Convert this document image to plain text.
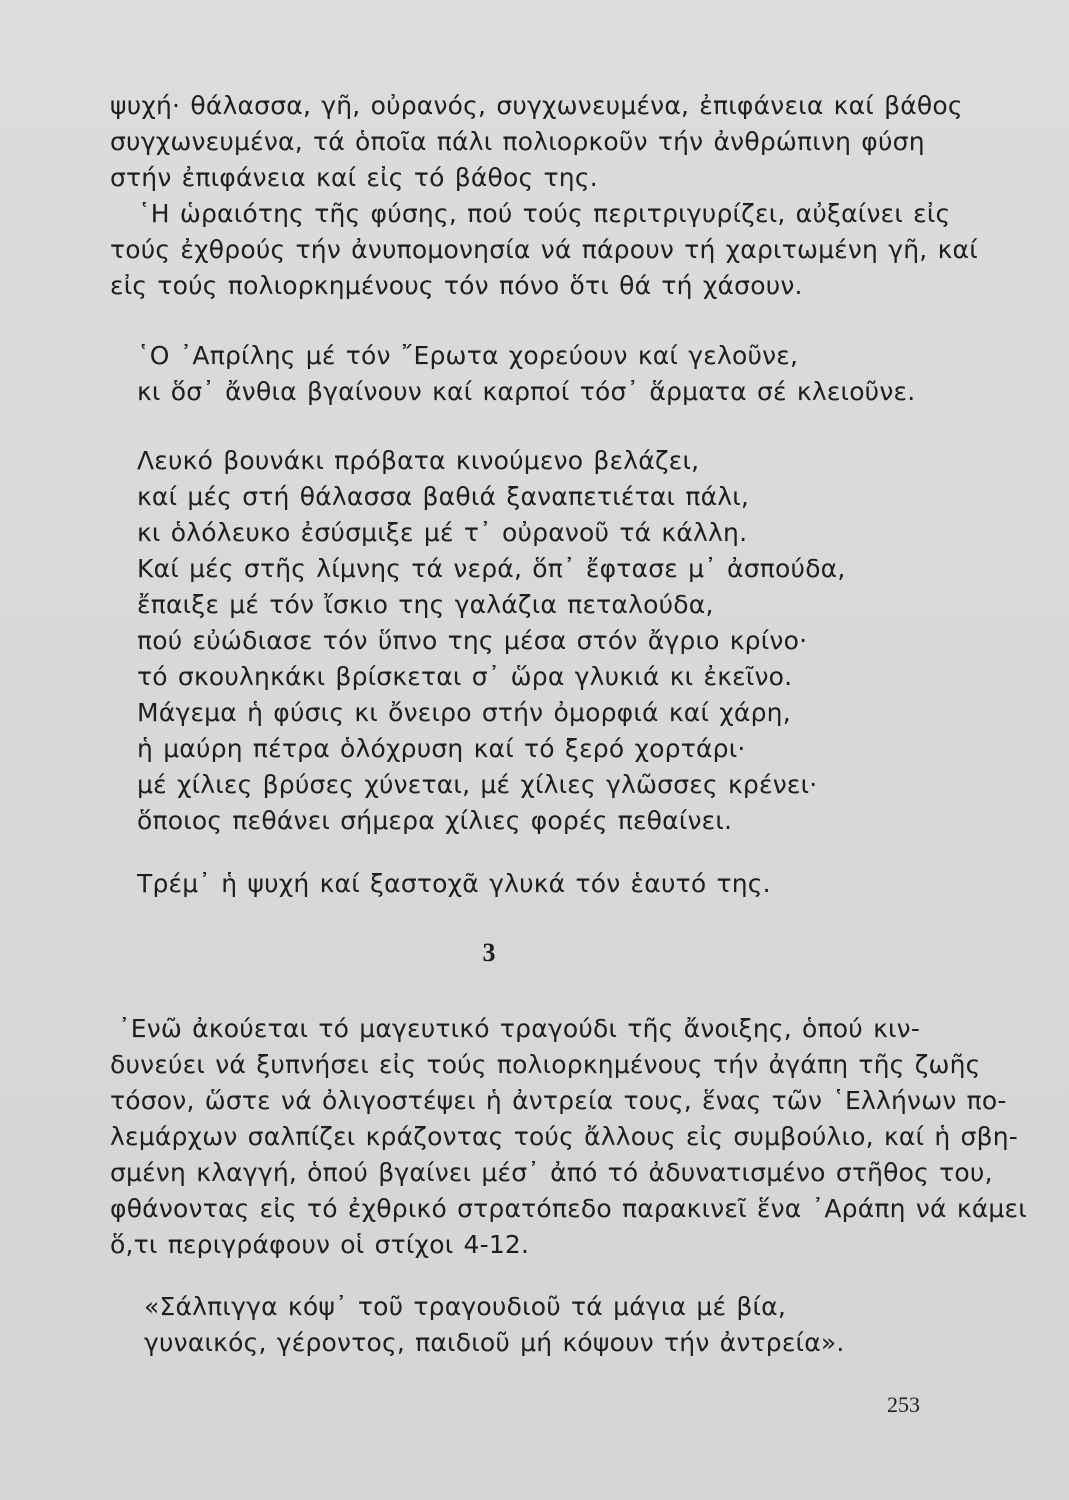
ψυχή· θάλασσα, γῆ, οὐρανός, συγχωνευμένα, ἐπιφάνεια καί βάθος
συγχωνευμένα, τά ὁποῖα πάλι πολιορκοῦν τήν ἀνθρώπινη φύση
στήν ἐπιφάνεια καί εἰς τό βάθος της.
῾Η ὡραιότης τῆς φύσης, πού τούς περιτριγυρίζει, αὐξαίνει εἰς
τούς ἐχθρούς τήν ἀνυπομονησία νά πάρουν τή χαριτωμένη γῆ, καί
εἰς τούς πολιορκημένους τόν πόνο ὅτι θά τή χάσουν.
῾Ο ᾿Απρίλης μέ τόν ῎Ερωτα χορεύουν καί γελοῦνε,
κι ὅσ᾿ ἄνθια βγαίνουν καί καρποί τόσ᾿ ἅρματα σέ κλειοῦνε.
Λευκό βουνάκι πρόβατα κινούμενο βελάζει,
καί μές στή θάλασσα βαθιά ξαναπετιέται πάλι,
κι ὁλόλευκο ἐσύσμιξε μέ τ᾿ οὐρανοῦ τά κάλλη.
Καί μές στῆς λίμνης τά νερά, ὅπ᾿ ἔφτασε μ᾿ ἀσπούδα,
ἔπαιξε μέ τόν ἴσκιο της γαλάζια πεταλούδα,
πού εὐώδιασε τόν ὕπνο της μέσα στόν ἄγριο κρίνο·
τό σκουληκάκι βρίσκεται σ᾿ ὥρα γλυκιά κι ἐκεῖνο.
Μάγεμα ἡ φύσις κι ὄνειρο στήν ὀμορφιά καί χάρη,
ἡ μαύρη πέτρα ὁλόχρυση καί τό ξερό χορτάρι·
μέ χίλιες βρύσες χύνεται, μέ χίλιες γλῶσσες κρένει·
ὅποιος πεθάνει σήμερα χίλιες φορές πεθαίνει.
Τρέμ᾿ ἡ ψυχή καί ξαστοχᾶ γλυκά τόν ἑαυτό της.
3
᾿Ενῶ ἀκούεται τό μαγευτικό τραγούδι τῆς ἄνοιξης, ὁπού κιν-
δυνεύει νά ξυπνήσει εἰς τούς πολιορκημένους τήν ἀγάπη τῆς ζωῆς
τόσον, ὥστε νά ὀλιγοστέψει ἡ ἀντρεία τους, ἕνας τῶν ῾Ελλήνων πο-
λεμάρχων σαλπίζει κράζοντας τούς ἄλλους εἰς συμβούλιο, καί ἡ σβη-
σμένη κλαγγή, ὁπού βγαίνει μέσ᾿ ἀπό τό ἀδυνατισμένο στῆθος του,
φθάνοντας εἰς τό ἐχθρικό στρατόπεδο παρακινεῖ ἕνα ᾿Αράπη νά κάμει
ὅ,τι περιγράφουν οἱ στίχοι 4-12.
«Σάλπιγγα κόψ᾿ τοῦ τραγουδιοῦ τά μάγια μέ βία,
γυναικός, γέροντος, παιδιοῦ μή κόψουν τήν ἀντρεία».
253
